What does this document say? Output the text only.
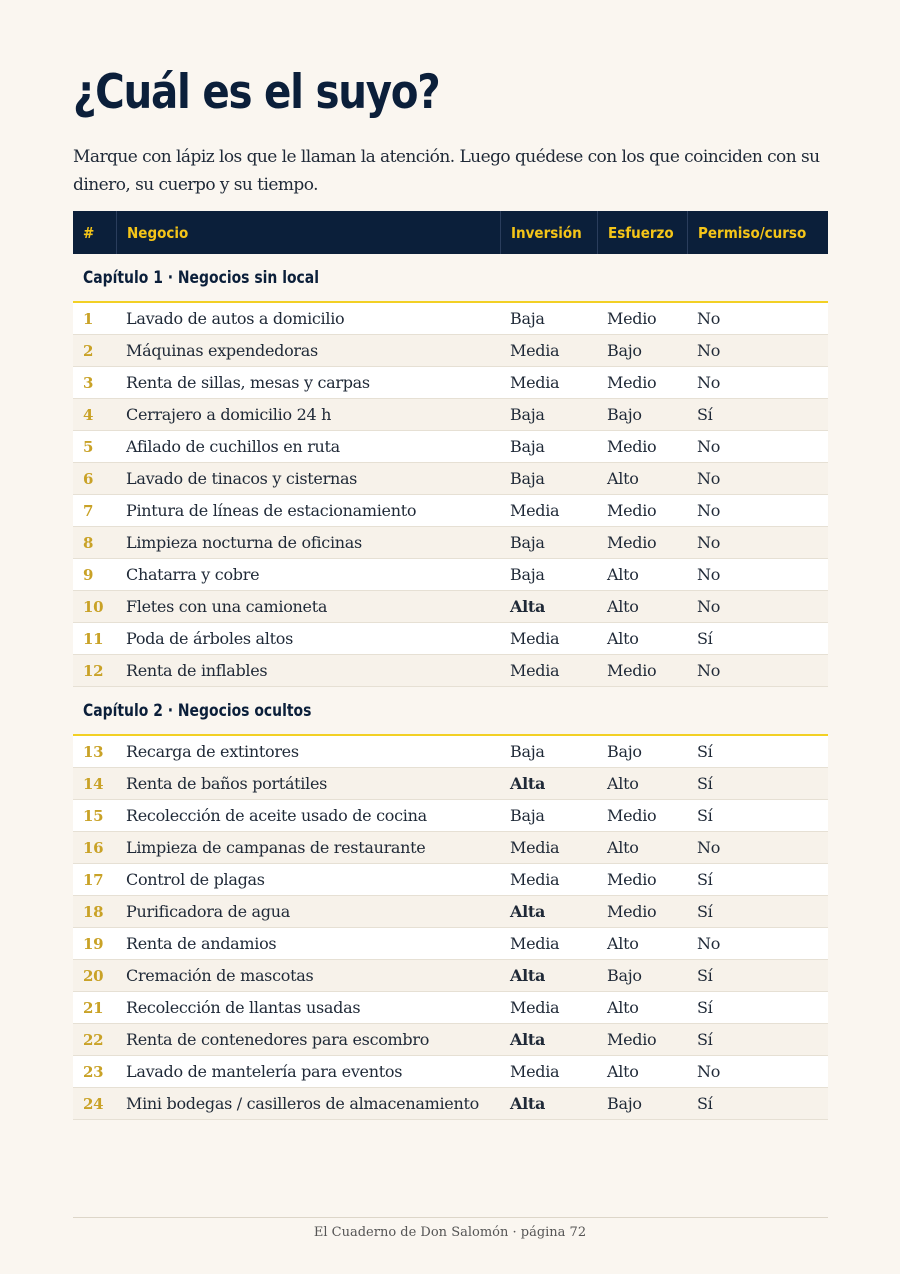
¿Cuál es el suyo?

Marque con lápiz los que le llaman la atención. Luego quédese con los que coinciden con su dinero, su cuerpo y su tiempo.

#	Negocio	Inversión	Esfuerzo	Permiso/curso
Capítulo 1 · Negocios sin local				
1	Lavado de autos a domicilio	Baja	Medio	No
2	Máquinas expendedoras	Media	Bajo	No
3	Renta de sillas, mesas y carpas	Media	Medio	No
4	Cerrajero a domicilio 24 h	Baja	Bajo	Sí
5	Afilado de cuchillos en ruta	Baja	Medio	No
6	Lavado de tinacos y cisternas	Baja	Alto	No
7	Pintura de líneas de estacionamiento	Media	Medio	No
8	Limpieza nocturna de oficinas	Baja	Medio	No
9	Chatarra y cobre	Baja	Alto	No
10	Fletes con una camioneta	Alta	Alto	No
11	Poda de árboles altos	Media	Alto	Sí
12	Renta de inflables	Media	Medio	No
Capítulo 2 · Negocios ocultos				
13	Recarga de extintores	Baja	Bajo	Sí
14	Renta de baños portátiles	Alta	Alto	Sí
15	Recolección de aceite usado de cocina	Baja	Medio	Sí
16	Limpieza de campanas de restaurante	Media	Alto	No
17	Control de plagas	Media	Medio	Sí
18	Purificadora de agua	Alta	Medio	Sí
19	Renta de andamios	Media	Alto	No
20	Cremación de mascotas	Alta	Bajo	Sí
21	Recolección de llantas usadas	Media	Alto	Sí
22	Renta de contenedores para escombro	Alta	Medio	Sí
23	Lavado de mantelería para eventos	Media	Alto	No
24	Mini bodegas / casilleros de almacenamiento	Alta	Bajo	Sí
El Cuaderno de Don Salomón · página 72
